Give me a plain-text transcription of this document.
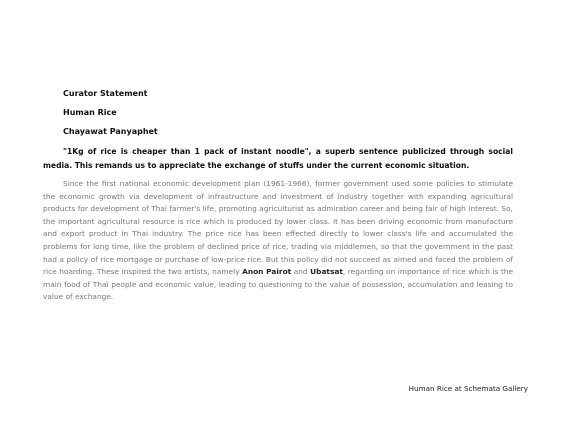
Curator Statement
Human Rice
Chayawat Panyaphet

"1Kg of rice is cheaper than 1 pack of instant noodle", a superb sentence publicized through social media. This remands us to appreciate the exchange of stuffs under the current economic situation.

Since the first national economic development plan (1961-1966), former government used some policies to stimulate the economic growth via development of infrastructure and investment of industry together with expanding agricultural products for development of Thai farmer's life, promoting agriculturist as admiration career and being fair of high interest. So, the important agricultural resource is rice which is produced by lower class. It has been driving economic from manufacture and export product in Thai industry. The price rice has been effected directly to lower class's life and accumulated the problems for long time, like the problem of declined price of rice, trading via middlemen, so that the government in the past had a policy of rice mortgage or purchase of low-price rice. But this policy did not succeed as aimed and faced the problem of rice hoarding. These inspired the two artists, namely Anon Pairot and Ubatsat, regarding on importance of rice which is the main food of Thai people and economic value, leading to questioning to the value of possession, accumulation and leasing to value of exchange.

Human Rice at Schemata Gallery
